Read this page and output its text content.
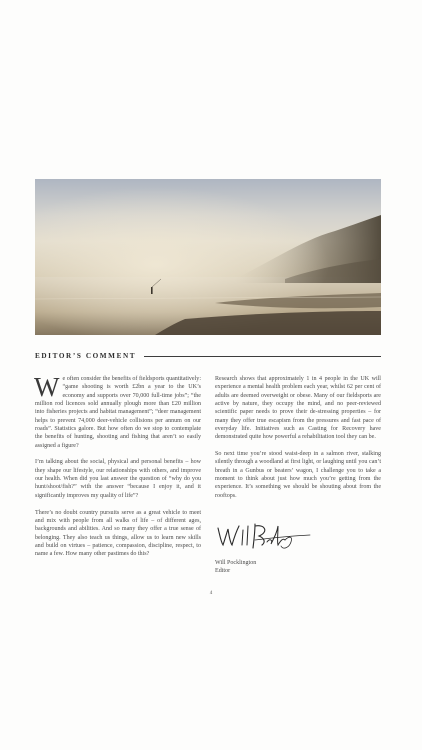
EDITOR’S COMMENT

We often consider the benefits of fieldsports quantitatively: “game shooting is worth £2bn a year to the UK’s economy and supports over 70,000 full-time jobs”; “the million rod licences sold annually plough more than £20 million into fisheries projects and habitat management”; “deer management helps to prevent 74,000 deer-vehicle collisions per annum on our roads”. Statistics galore. But how often do we stop to contemplate the benefits of hunting, shooting and fishing that aren’t so easily assigned a figure?

I’m talking about the social, physical and personal benefits – how they shape our lifestyle, our relationships with others, and improve our health. When did you last answer the question of “why do you hunt/shoot/fish?” with the answer “because I enjoy it, and it significantly improves my quality of life”?

There’s no doubt country pursuits serve as a great vehicle to meet and mix with people from all walks of life – of different ages, backgrounds and abilities. And so many they offer a true sense of belonging. They also teach us things, allow us to learn new skills and build on virtues – patience, compassion, discipline, respect, to name a few. How many other pastimes do this?

Research shows that approximately 1 in 4 people in the UK will experience a mental health problem each year, whilst 62 per cent of adults are deemed overweight or obese. Many of our fieldsports are active by nature, they occupy the mind, and no peer-reviewed scientific paper needs to prove their de-stressing properties – for many they offer true escapism from the pressures and fast pace of everyday life. Initiatives such as Casting for Recovery have demonstrated quite how powerful a rehabilitation tool they can be.

So next time you’re stood waist-deep in a salmon river, stalking silently through a woodland at first light, or laughing until you can’t breath in a Gunbus or beaters’ wagon, I challenge you to take a moment to think about just how much you’re getting from the experience. It’s something we should be shouting about from the rooftops.

Will Pocklington
Editor
4
